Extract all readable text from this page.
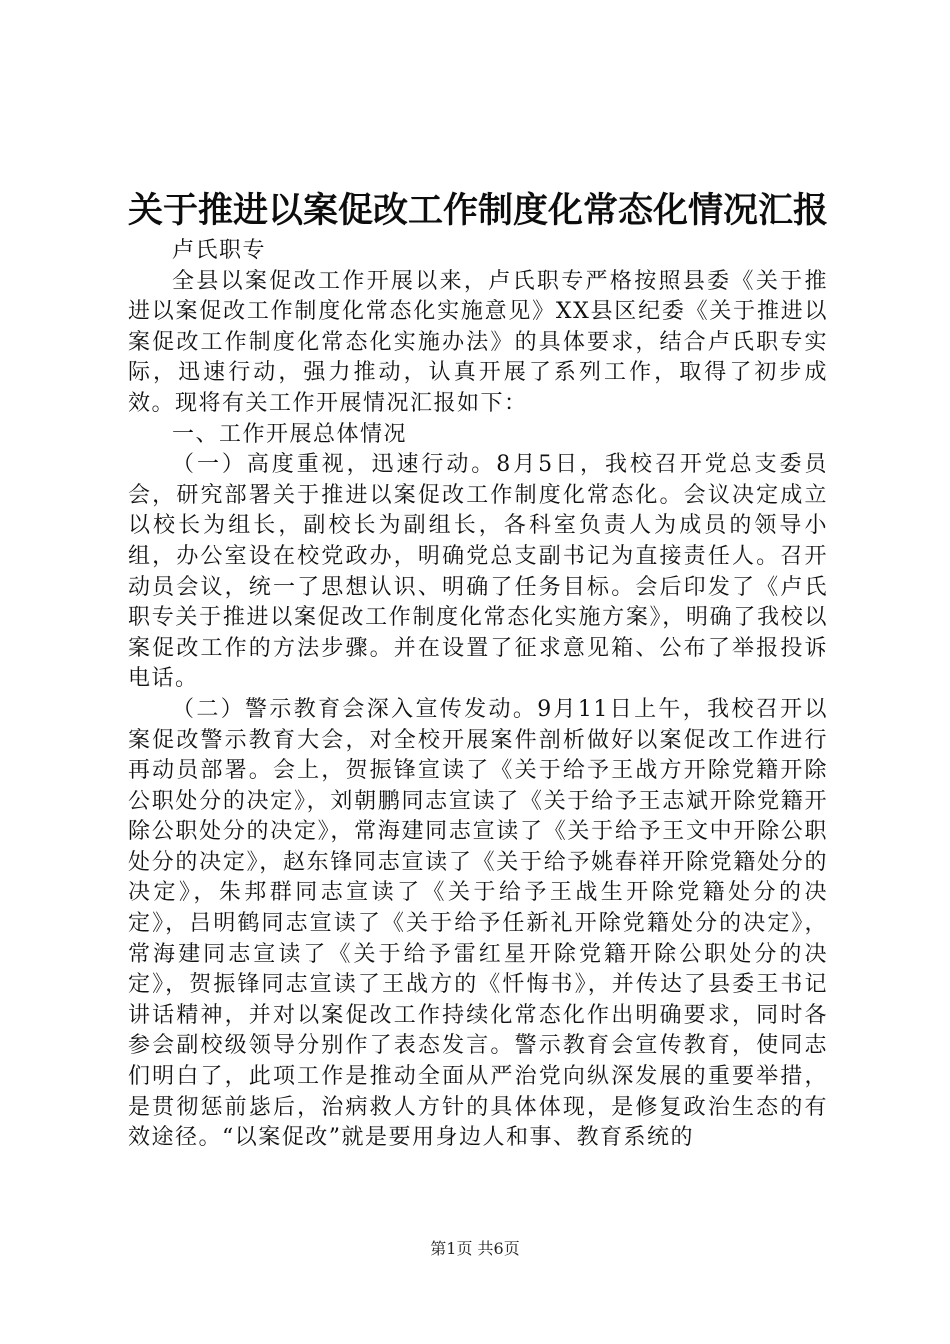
关于推进以案促改工作制度化常态化情况汇报

卢氏职专

全县以案促改工作开展以来，卢氏职专严格按照县委《关于推进以案促改工作制度化常态化实施意见》XX县区纪委《关于推进以案促改工作制度化常态化实施办法》的具体要求，结合卢氏职专实际，迅速行动，强力推动，认真开展了系列工作，取得了初步成效。现将有关工作开展情况汇报如下：

一、工作开展总体情况

（一）高度重视，迅速行动。8月5日，我校召开党总支委员会，研究部署关于推进以案促改工作制度化常态化。会议决定成立以校长为组长，副校长为副组长，各科室负责人为成员的领导小组，办公室设在校党政办，明确党总支副书记为直接责任人。召开动员会议，统一了思想认识、明确了任务目标。会后印发了《卢氏职专关于推进以案促改工作制度化常态化实施方案》，明确了我校以案促改工作的方法步骤。并在设置了征求意见箱、公布了举报投诉电话。

（二）警示教育会深入宣传发动。9月11日上午，我校召开以案促改警示教育大会，对全校开展案件剖析做好以案促改工作进行再动员部署。会上，贺振锋宣读了《关于给予王战方开除党籍开除公职处分的决定》，刘朝鹏同志宣读了《关于给予王志斌开除党籍开除公职处分的决定》，常海建同志宣读了《关于给予王文中开除公职处分的决定》，赵东锋同志宣读了《关于给予姚春祥开除党籍处分的决定》，朱邦群同志宣读了《关于给予王战生开除党籍处分的决定》，吕明鹤同志宣读了《关于给予任新礼开除党籍处分的决定》，常海建同志宣读了《关于给予雷红星开除党籍开除公职处分的决定》，贺振锋同志宣读了王战方的《忏悔书》，并传达了县委王书记讲话精神，并对以案促改工作持续化常态化作出明确要求，同时各参会副校级领导分别作了表态发言。警示教育会宣传教育，使同志们明白了，此项工作是推动全面从严治党向纵深发展的重要举措，是贯彻惩前毖后，治病救人方针的具体体现，是修复政治生态的有效途径。“以案促改”就是要用身边人和事、教育系统的

第1页 共6页
